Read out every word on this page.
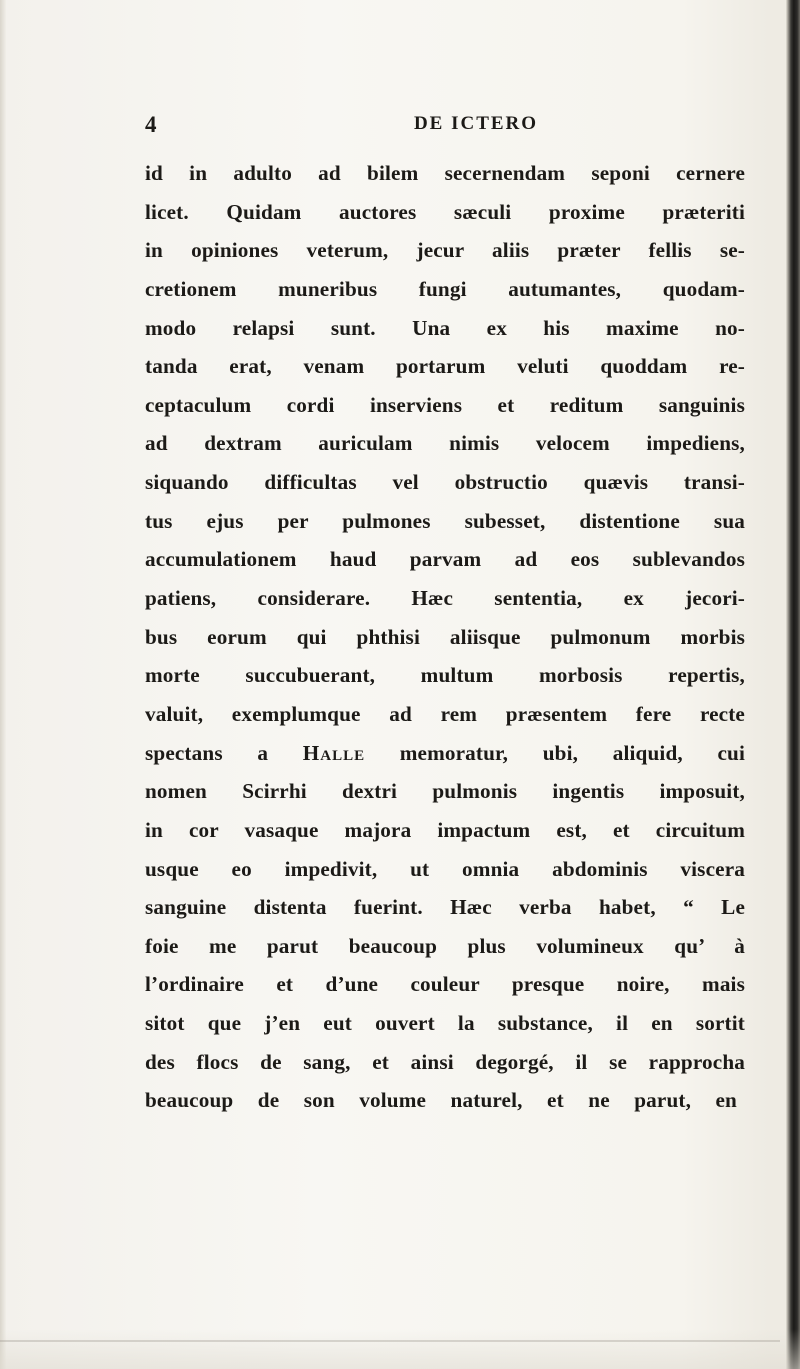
4	DE ICTERO
id in adulto ad bilem secernendam seponi cernere
licet. Quidam auctores sæculi proxime præteriti
in opiniones veterum, jecur aliis præter fellis se-
cretionem muneribus fungi autumantes, quodam-
modo relapsi sunt. Una ex his maxime no-
tanda erat, venam portarum veluti quoddam re-
ceptaculum cordi inserviens et reditum sanguinis
ad dextram auriculam nimis velocem impediens,
siquando difficultas vel obstructio quævis transi-
tus ejus per pulmones subesset, distentione sua
accumulationem haud parvam ad eos sublevandos
patiens, considerare. Hæc sententia, ex jecori-
bus eorum qui phthisi aliisque pulmonum morbis
morte succubuerant, multum morbosis repertis,
valuit, exemplumque ad rem præsentem fere recte
spectans a Halle memoratur, ubi, aliquid, cui
nomen Scirrhi dextri pulmonis ingentis imposuit,
in cor vasaque majora impactum est, et circuitum
usque eo impedivit, ut omnia abdominis viscera
sanguine distenta fuerint. Hæc verba habet, “ Le
foie me parut beaucoup plus volumineux qu’ à
l’ordinaire et d’une couleur presque noire, mais
sitot que j’en eut ouvert la substance, il en sortit
des flocs de sang, et ainsi degorgé, il se rapprocha
beaucoup de son volume naturel, et ne parut, en
